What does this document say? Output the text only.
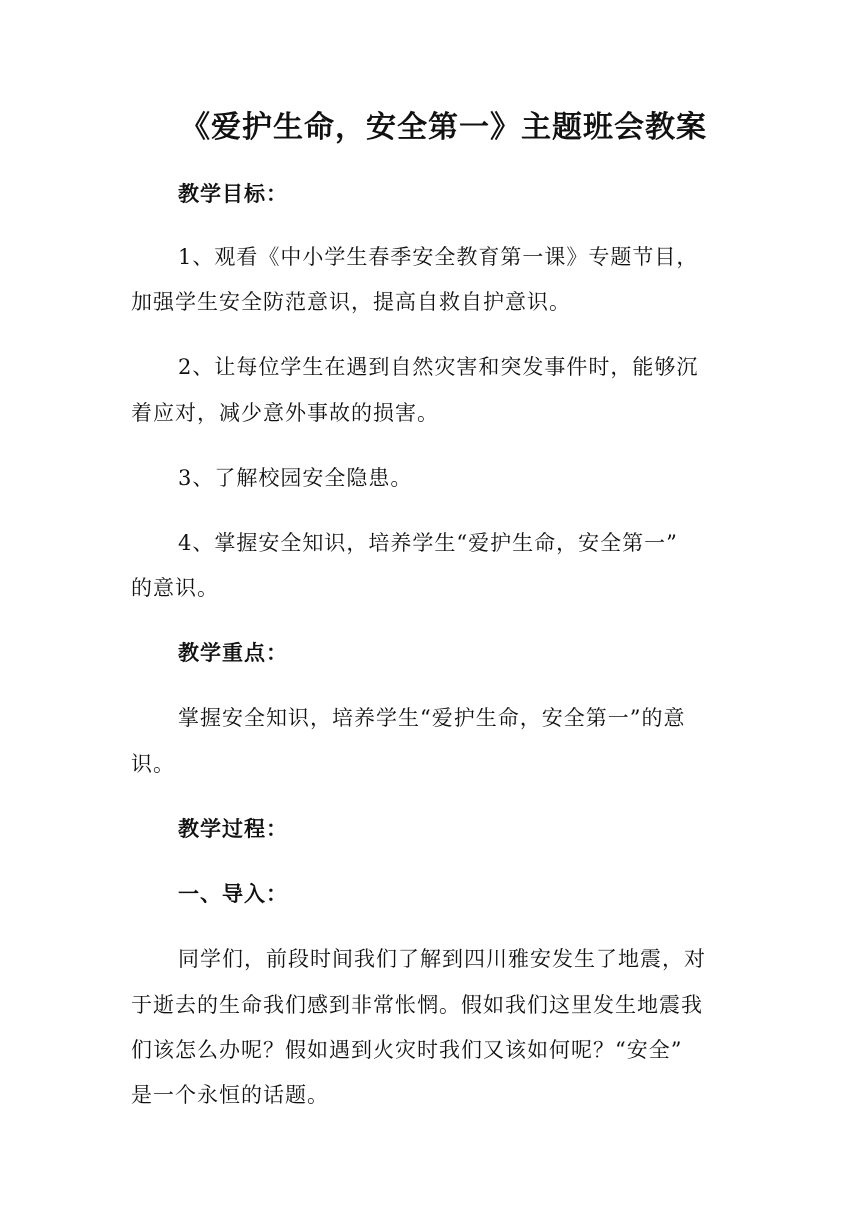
《爱护生命，安全第一》主题班会教案
教学目标：
1、观看《中小学生春季安全教育第一课》专题节目，
加强学生安全防范意识，提高自救自护意识。
2、让每位学生在遇到自然灾害和突发事件时，能够沉
着应对，减少意外事故的损害。
3、了解校园安全隐患。
4、掌握安全知识，培养学生“爱护生命，安全第一”
的意识。
教学重点：
掌握安全知识，培养学生“爱护生命，安全第一”的意
识。
教学过程：
一、导入：
同学们，前段时间我们了解到四川雅安发生了地震，对
于逝去的生命我们感到非常怅惘。假如我们这里发生地震我
们该怎么办呢？假如遇到火灾时我们又该如何呢？“安全”
是一个永恒的话题。
